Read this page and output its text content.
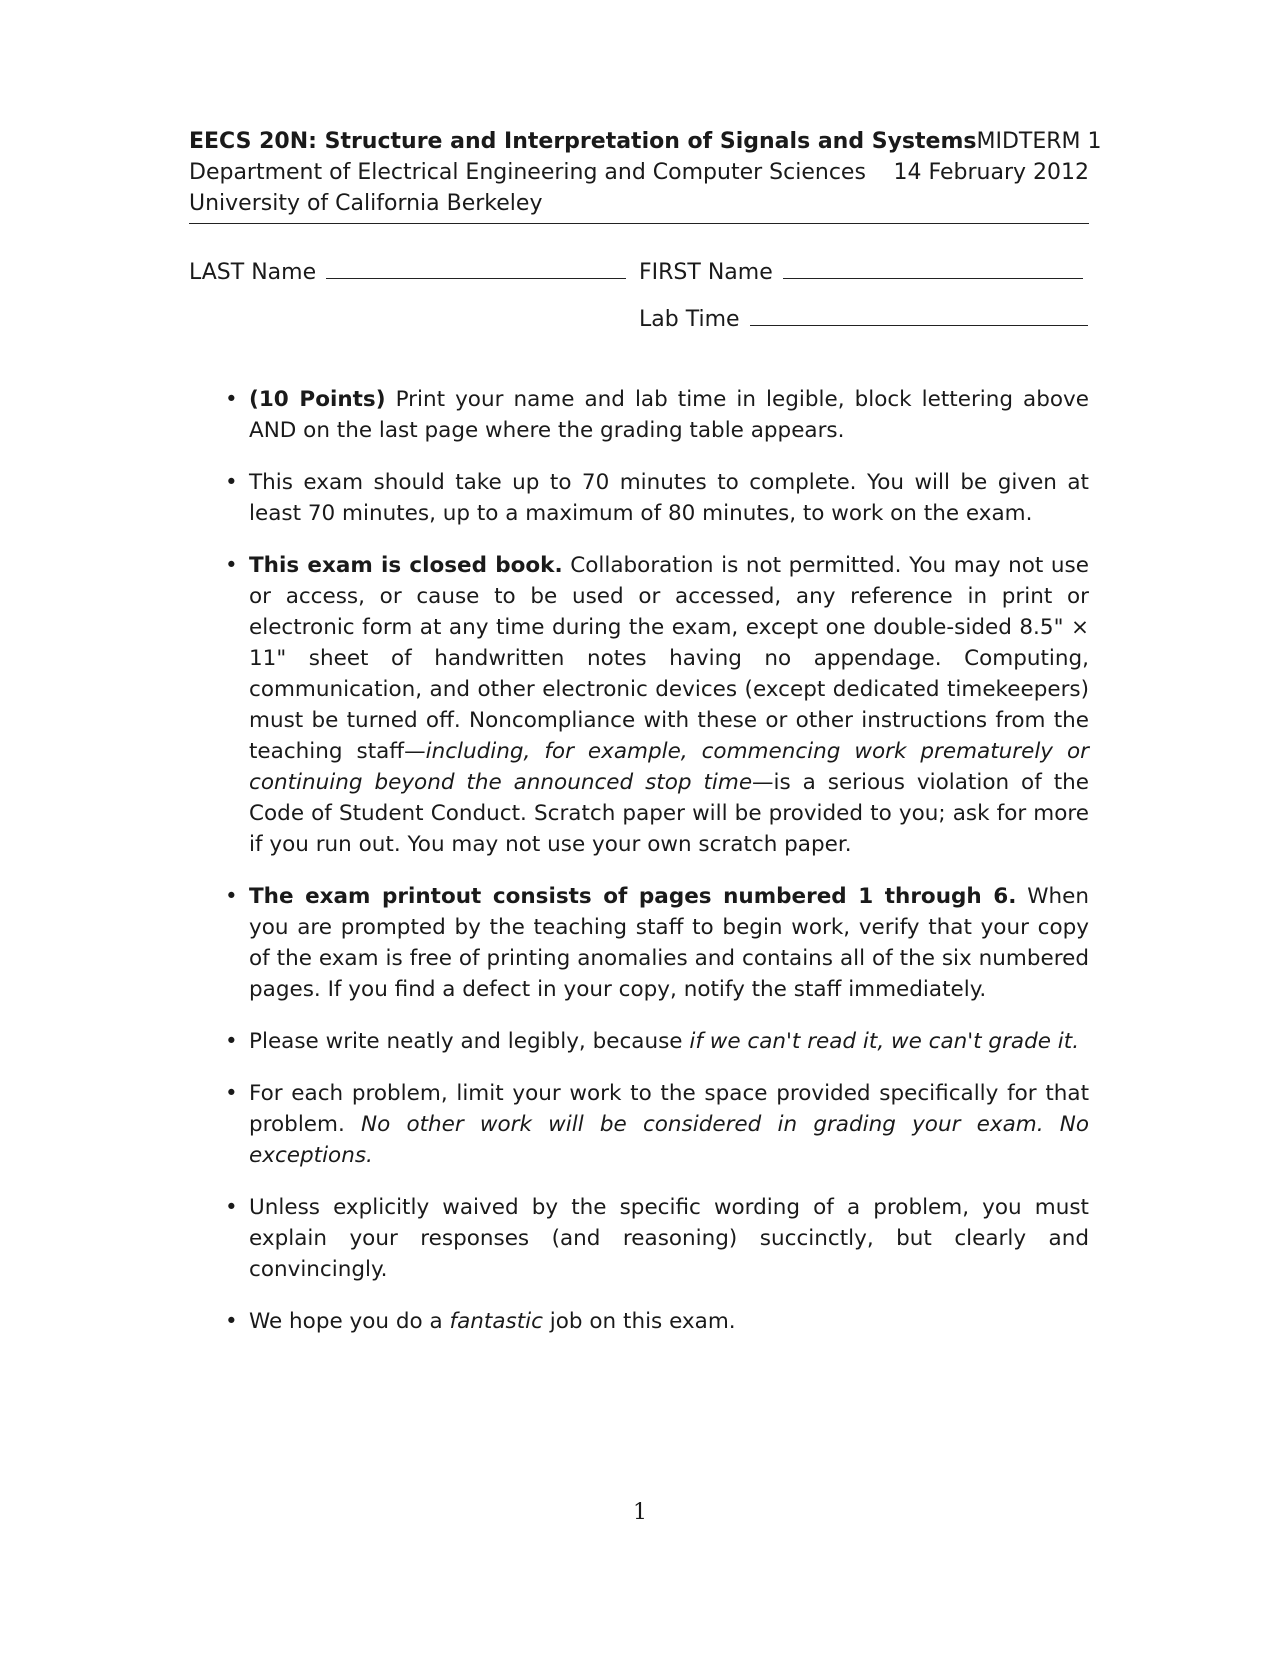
EECS 20N: Structure and Interpretation of Signals and Systems MIDTERM 1
Department of Electrical Engineering and Computer Sciences 14 February 2012
University of California Berkeley
LAST Name	FIRST Name
Lab Time
• (10 Points) Print your name and lab time in legible, block lettering above AND on the last page where the grading table appears.
• This exam should take up to 70 minutes to complete. You will be given at least 70 minutes, up to a maximum of 80 minutes, to work on the exam.
• This exam is closed book. Collaboration is not permitted. You may not use or access, or cause to be used or accessed, any reference in print or electronic form at any time during the exam, except one double-sided 8.5" × 11" sheet of handwritten notes having no appendage. Computing, communication, and other electronic devices (except dedicated timekeepers) must be turned off. Noncompliance with these or other instructions from the teaching staff—including, for example, commencing work prematurely or continuing beyond the announced stop time—is a serious violation of the Code of Student Conduct. Scratch paper will be provided to you; ask for more if you run out. You may not use your own scratch paper.
• The exam printout consists of pages numbered 1 through 6. When you are prompted by the teaching staff to begin work, verify that your copy of the exam is free of printing anomalies and contains all of the six numbered pages. If you find a defect in your copy, notify the staff immediately.
• Please write neatly and legibly, because if we can't read it, we can't grade it.
• For each problem, limit your work to the space provided specifically for that problem. No other work will be considered in grading your exam. No exceptions.
• Unless explicitly waived by the specific wording of a problem, you must explain your responses (and reasoning) succinctly, but clearly and convincingly.
• We hope you do a fantastic job on this exam.
1
